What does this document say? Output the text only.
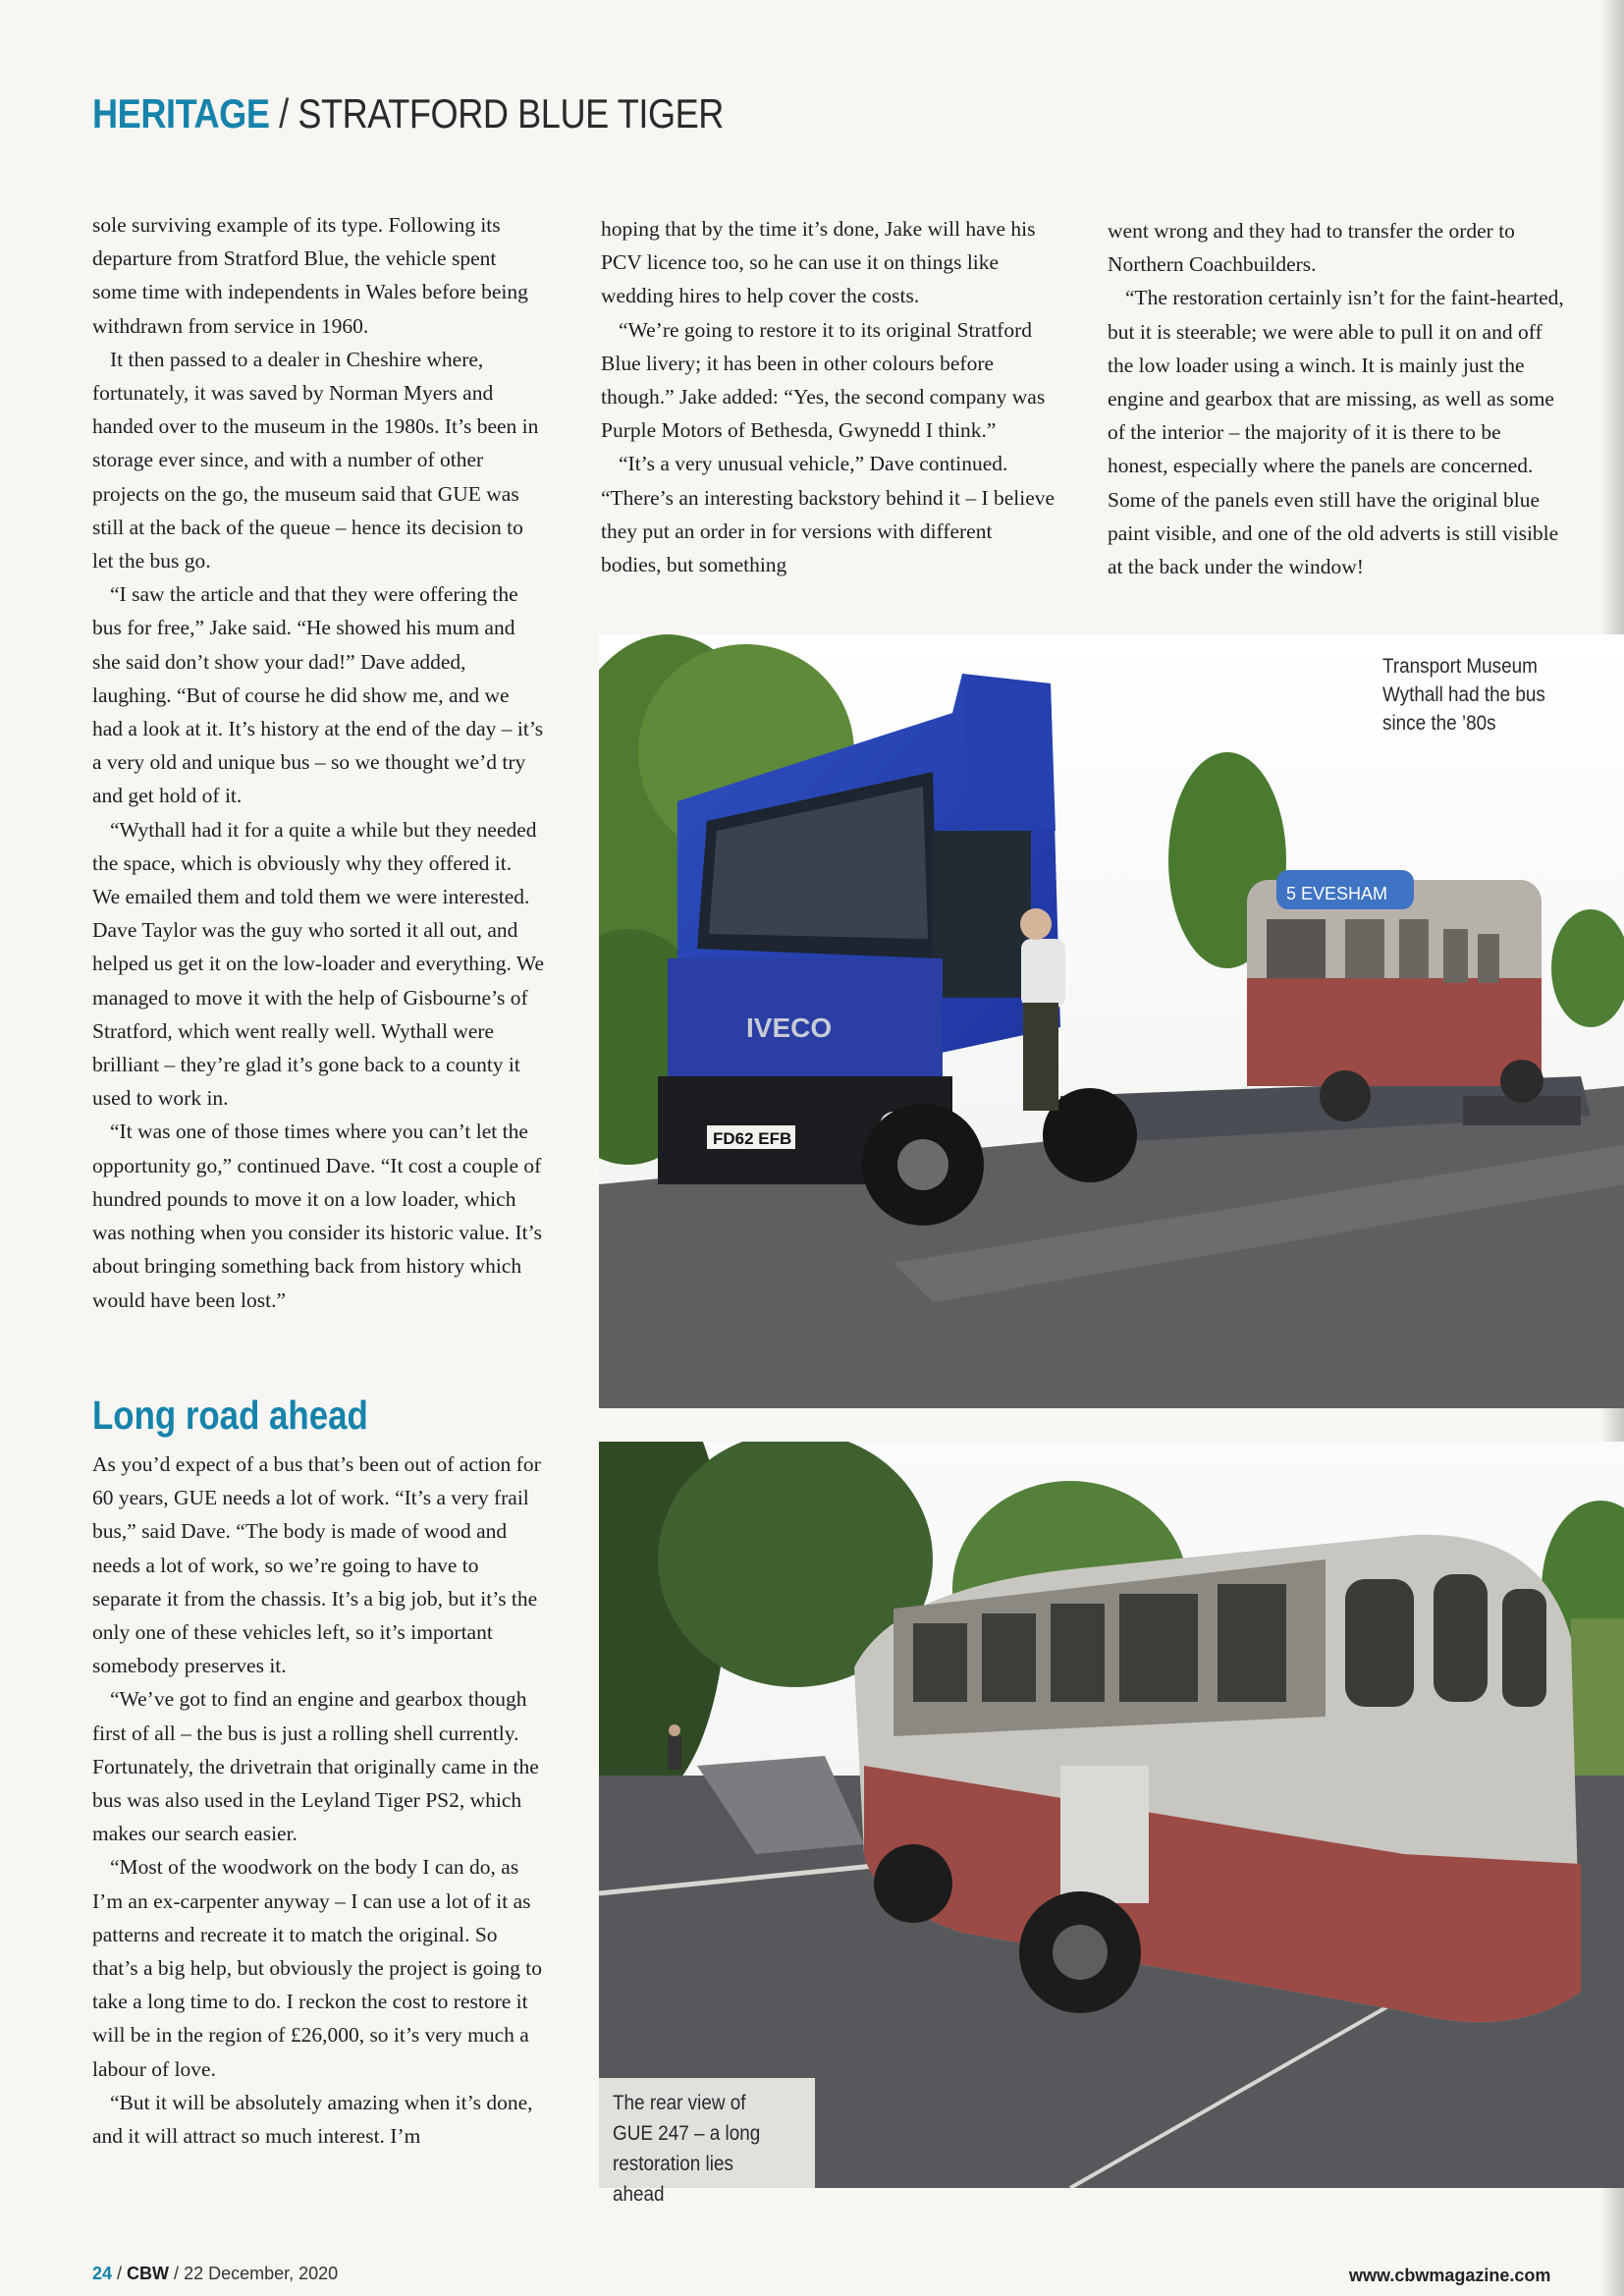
HERITAGE / STRATFORD BLUE TIGER

sole surviving example of its type. Following its departure from Stratford Blue, the vehicle spent some time with independents in Wales before being withdrawn from service in 1960.

It then passed to a dealer in Cheshire where, fortunately, it was saved by Norman Myers and handed over to the museum in the 1980s. It’s been in storage ever since, and with a number of other projects on the go, the museum said that GUE was still at the back of the queue – hence its decision to let the bus go.

“I saw the article and that they were offering the bus for free,” Jake said. “He showed his mum and she said don’t show your dad!” Dave added, laughing. “But of course he did show me, and we had a look at it. It’s history at the end of the day – it’s a very old and unique bus – so we thought we’d try and get hold of it.

“Wythall had it for a quite a while but they needed the space, which is obviously why they offered it. We emailed them and told them we were interested. Dave Taylor was the guy who sorted it all out, and helped us get it on the low-loader and everything. We managed to move it with the help of Gisbourne’s of Stratford, which went really well. Wythall were brilliant – they’re glad it’s gone back to a county it used to work in.

“It was one of those times where you can’t let the opportunity go,” continued Dave. “It cost a couple of hundred pounds to move it on a low loader, which was nothing when you consider its historic value. It’s about bringing something back from history which would have been lost.”

Long road ahead

As you’d expect of a bus that’s been out of action for 60 years, GUE needs a lot of work. “It’s a very frail bus,” said Dave. “The body is made of wood and needs a lot of work, so we’re going to have to separate it from the chassis. It’s a big job, but it’s the only one of these vehicles left, so it’s important somebody preserves it.

“We’ve got to find an engine and gearbox though first of all – the bus is just a rolling shell currently. Fortunately, the drivetrain that originally came in the bus was also used in the Leyland Tiger PS2, which makes our search easier.

“Most of the woodwork on the body I can do, as I’m an ex-carpenter anyway – I can use a lot of it as patterns and recreate it to match the original. So that’s a big help, but obviously the project is going to take a long time to do. I reckon the cost to restore it will be in the region of £26,000, so it’s very much a labour of love.

“But it will be absolutely amazing when it’s done, and it will attract so much interest. I’m

hoping that by the time it’s done, Jake will have his PCV licence too, so he can use it on things like wedding hires to help cover the costs.

“We’re going to restore it to its original Stratford Blue livery; it has been in other colours before though.” Jake added: “Yes, the second company was Purple Motors of Bethesda, Gwynedd I think.”

“It’s a very unusual vehicle,” Dave continued. “There’s an interesting backstory behind it – I believe they put an order in for versions with different bodies, but something

went wrong and they had to transfer the order to Northern Coachbuilders.

“The restoration certainly isn’t for the faint-hearted, but it is steerable; we were able to pull it on and off the low loader using a winch. It is mainly just the engine and gearbox that are missing, as well as some of the interior – the majority of it is there to be honest, especially where the panels are concerned. Some of the panels even still have the original blue paint visible, and one of the old adverts is still visible at the back under the window!

5 EVESHAM
IVECO
FD62 EFB
Transport Museum Wythall had the bus since the ’80s
The rear view of GUE 247 – a long restoration lies ahead
24 / CBW / 22 December, 2020	www.cbwmagazine.com
